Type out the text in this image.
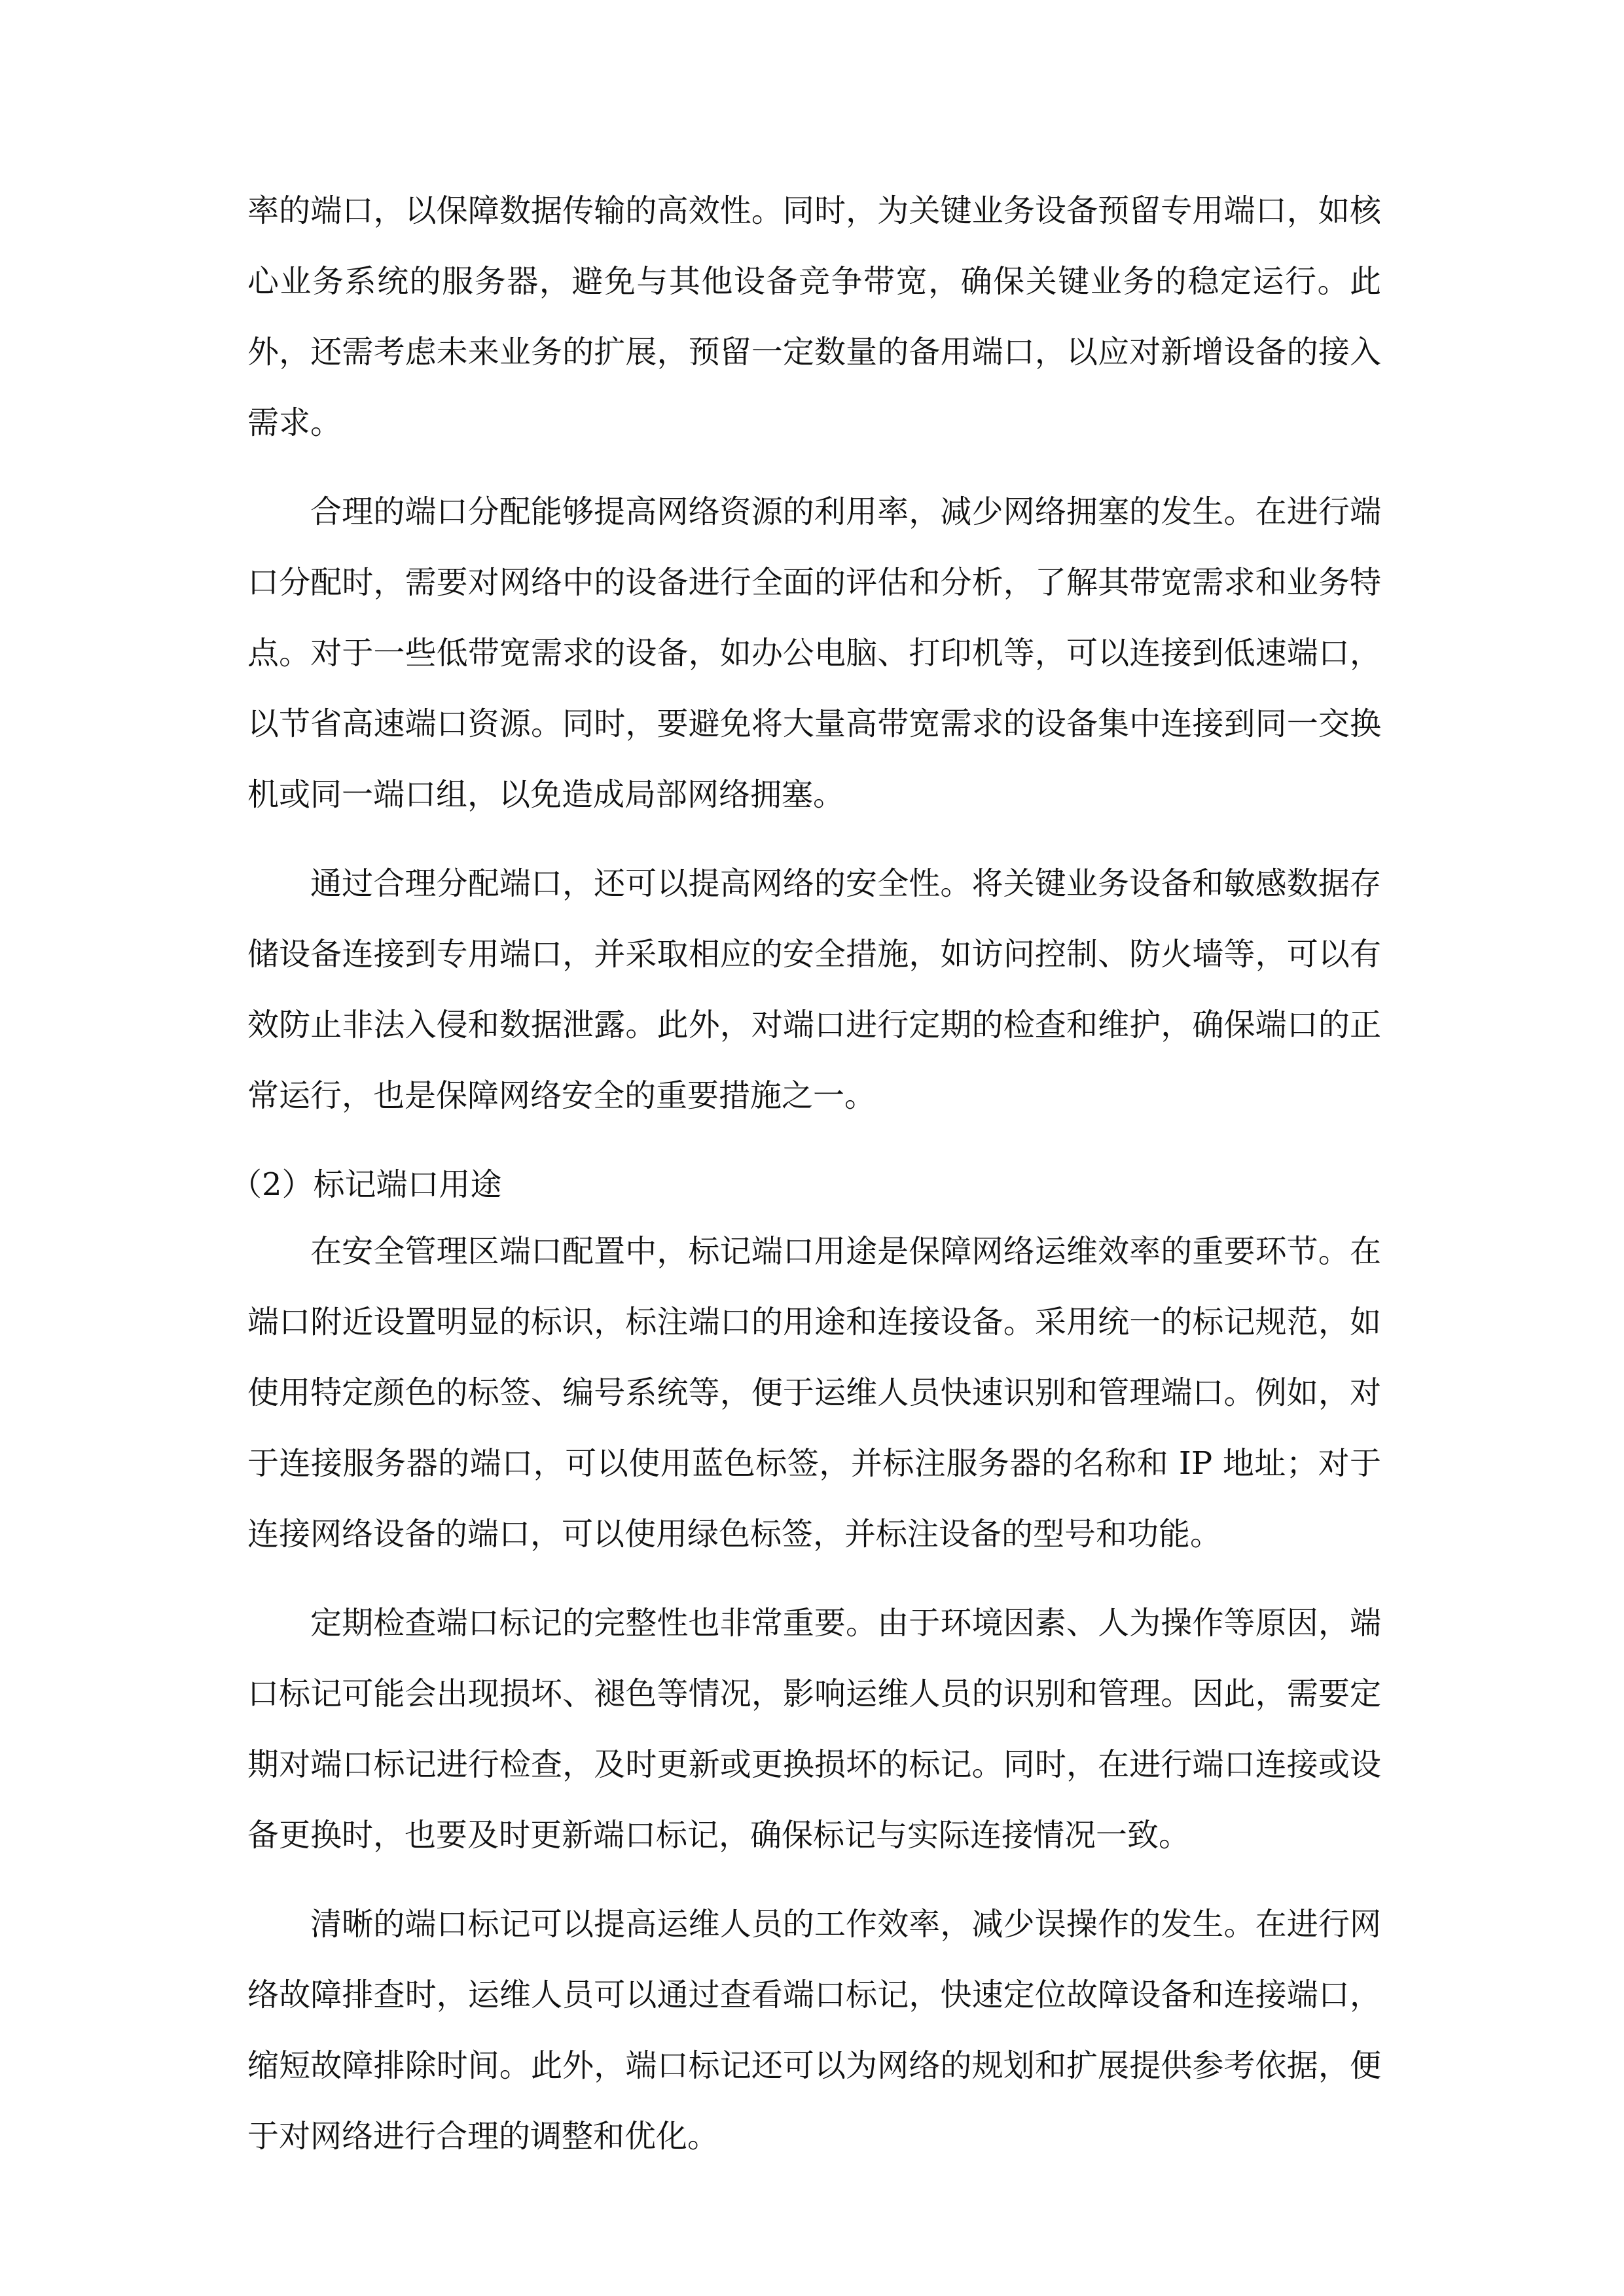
率的端口，以保障数据传输的高效性。同时，为关键业务设备预留专用端口，如核心业务系统的服务器，避免与其他设备竞争带宽，确保关键业务的稳定运行。此外，还需考虑未来业务的扩展，预留一定数量的备用端口，以应对新增设备的接入需求。

合理的端口分配能够提高网络资源的利用率，减少网络拥塞的发生。在进行端口分配时，需要对网络中的设备进行全面的评估和分析，了解其带宽需求和业务特点。对于一些低带宽需求的设备，如办公电脑、打印机等，可以连接到低速端口，以节省高速端口资源。同时，要避免将大量高带宽需求的设备集中连接到同一交换机或同一端口组，以免造成局部网络拥塞。

通过合理分配端口，还可以提高网络的安全性。将关键业务设备和敏感数据存储设备连接到专用端口，并采取相应的安全措施，如访问控制、防火墙等，可以有效防止非法入侵和数据泄露。此外，对端口进行定期的检查和维护，确保端口的正常运行，也是保障网络安全的重要措施之一。

（2）标记端口用途

在安全管理区端口配置中，标记端口用途是保障网络运维效率的重要环节。在端口附近设置明显的标识，标注端口的用途和连接设备。采用统一的标记规范，如使用特定颜色的标签、编号系统等，便于运维人员快速识别和管理端口。例如，对于连接服务器的端口，可以使用蓝色标签，并标注服务器的名称和 IP 地址；对于连接网络设备的端口，可以使用绿色标签，并标注设备的型号和功能。

定期检查端口标记的完整性也非常重要。由于环境因素、人为操作等原因，端口标记可能会出现损坏、褪色等情况，影响运维人员的识别和管理。因此，需要定期对端口标记进行检查，及时更新或更换损坏的标记。同时，在进行端口连接或设备更换时，也要及时更新端口标记，确保标记与实际连接情况一致。

清晰的端口标记可以提高运维人员的工作效率，减少误操作的发生。在进行网络故障排查时，运维人员可以通过查看端口标记，快速定位故障设备和连接端口，缩短故障排除时间。此外，端口标记还可以为网络的规划和扩展提供参考依据，便于对网络进行合理的调整和优化。
